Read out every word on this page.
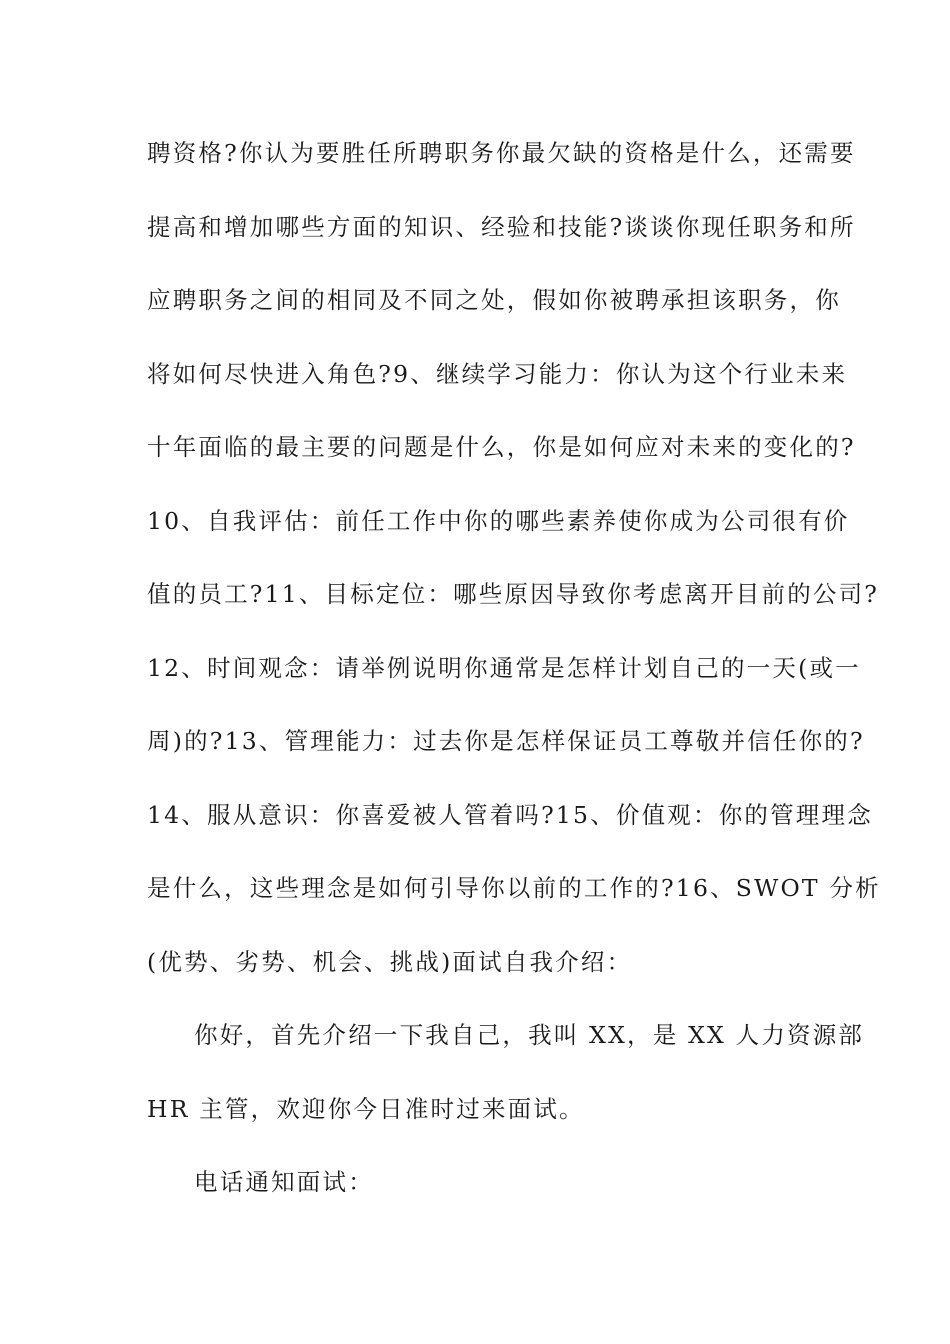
聘资格?你认为要胜任所聘职务你最欠缺的资格是什么，还需要
提高和增加哪些方面的知识、经验和技能?谈谈你现任职务和所
应聘职务之间的相同及不同之处，假如你被聘承担该职务，你
将如何尽快进入角色?9、继续学习能力：你认为这个行业未来
十年面临的最主要的问题是什么，你是如何应对未来的变化的?
10、自我评估：前任工作中你的哪些素养使你成为公司很有价
值的员工?11、目标定位：哪些原因导致你考虑离开目前的公司?
12、时间观念：请举例说明你通常是怎样计划自己的一天(或一
周)的?13、管理能力：过去你是怎样保证员工尊敬并信任你的?
14、服从意识：你喜爱被人管着吗?15、价值观：你的管理理念
是什么，这些理念是如何引导你以前的工作的?16、SWOT 分析
(优势、劣势、机会、挑战)面试自我介绍：
你好，首先介绍一下我自己，我叫 XX，是 XX 人力资源部
HR 主管，欢迎你今日准时过来面试。
电话通知面试：
